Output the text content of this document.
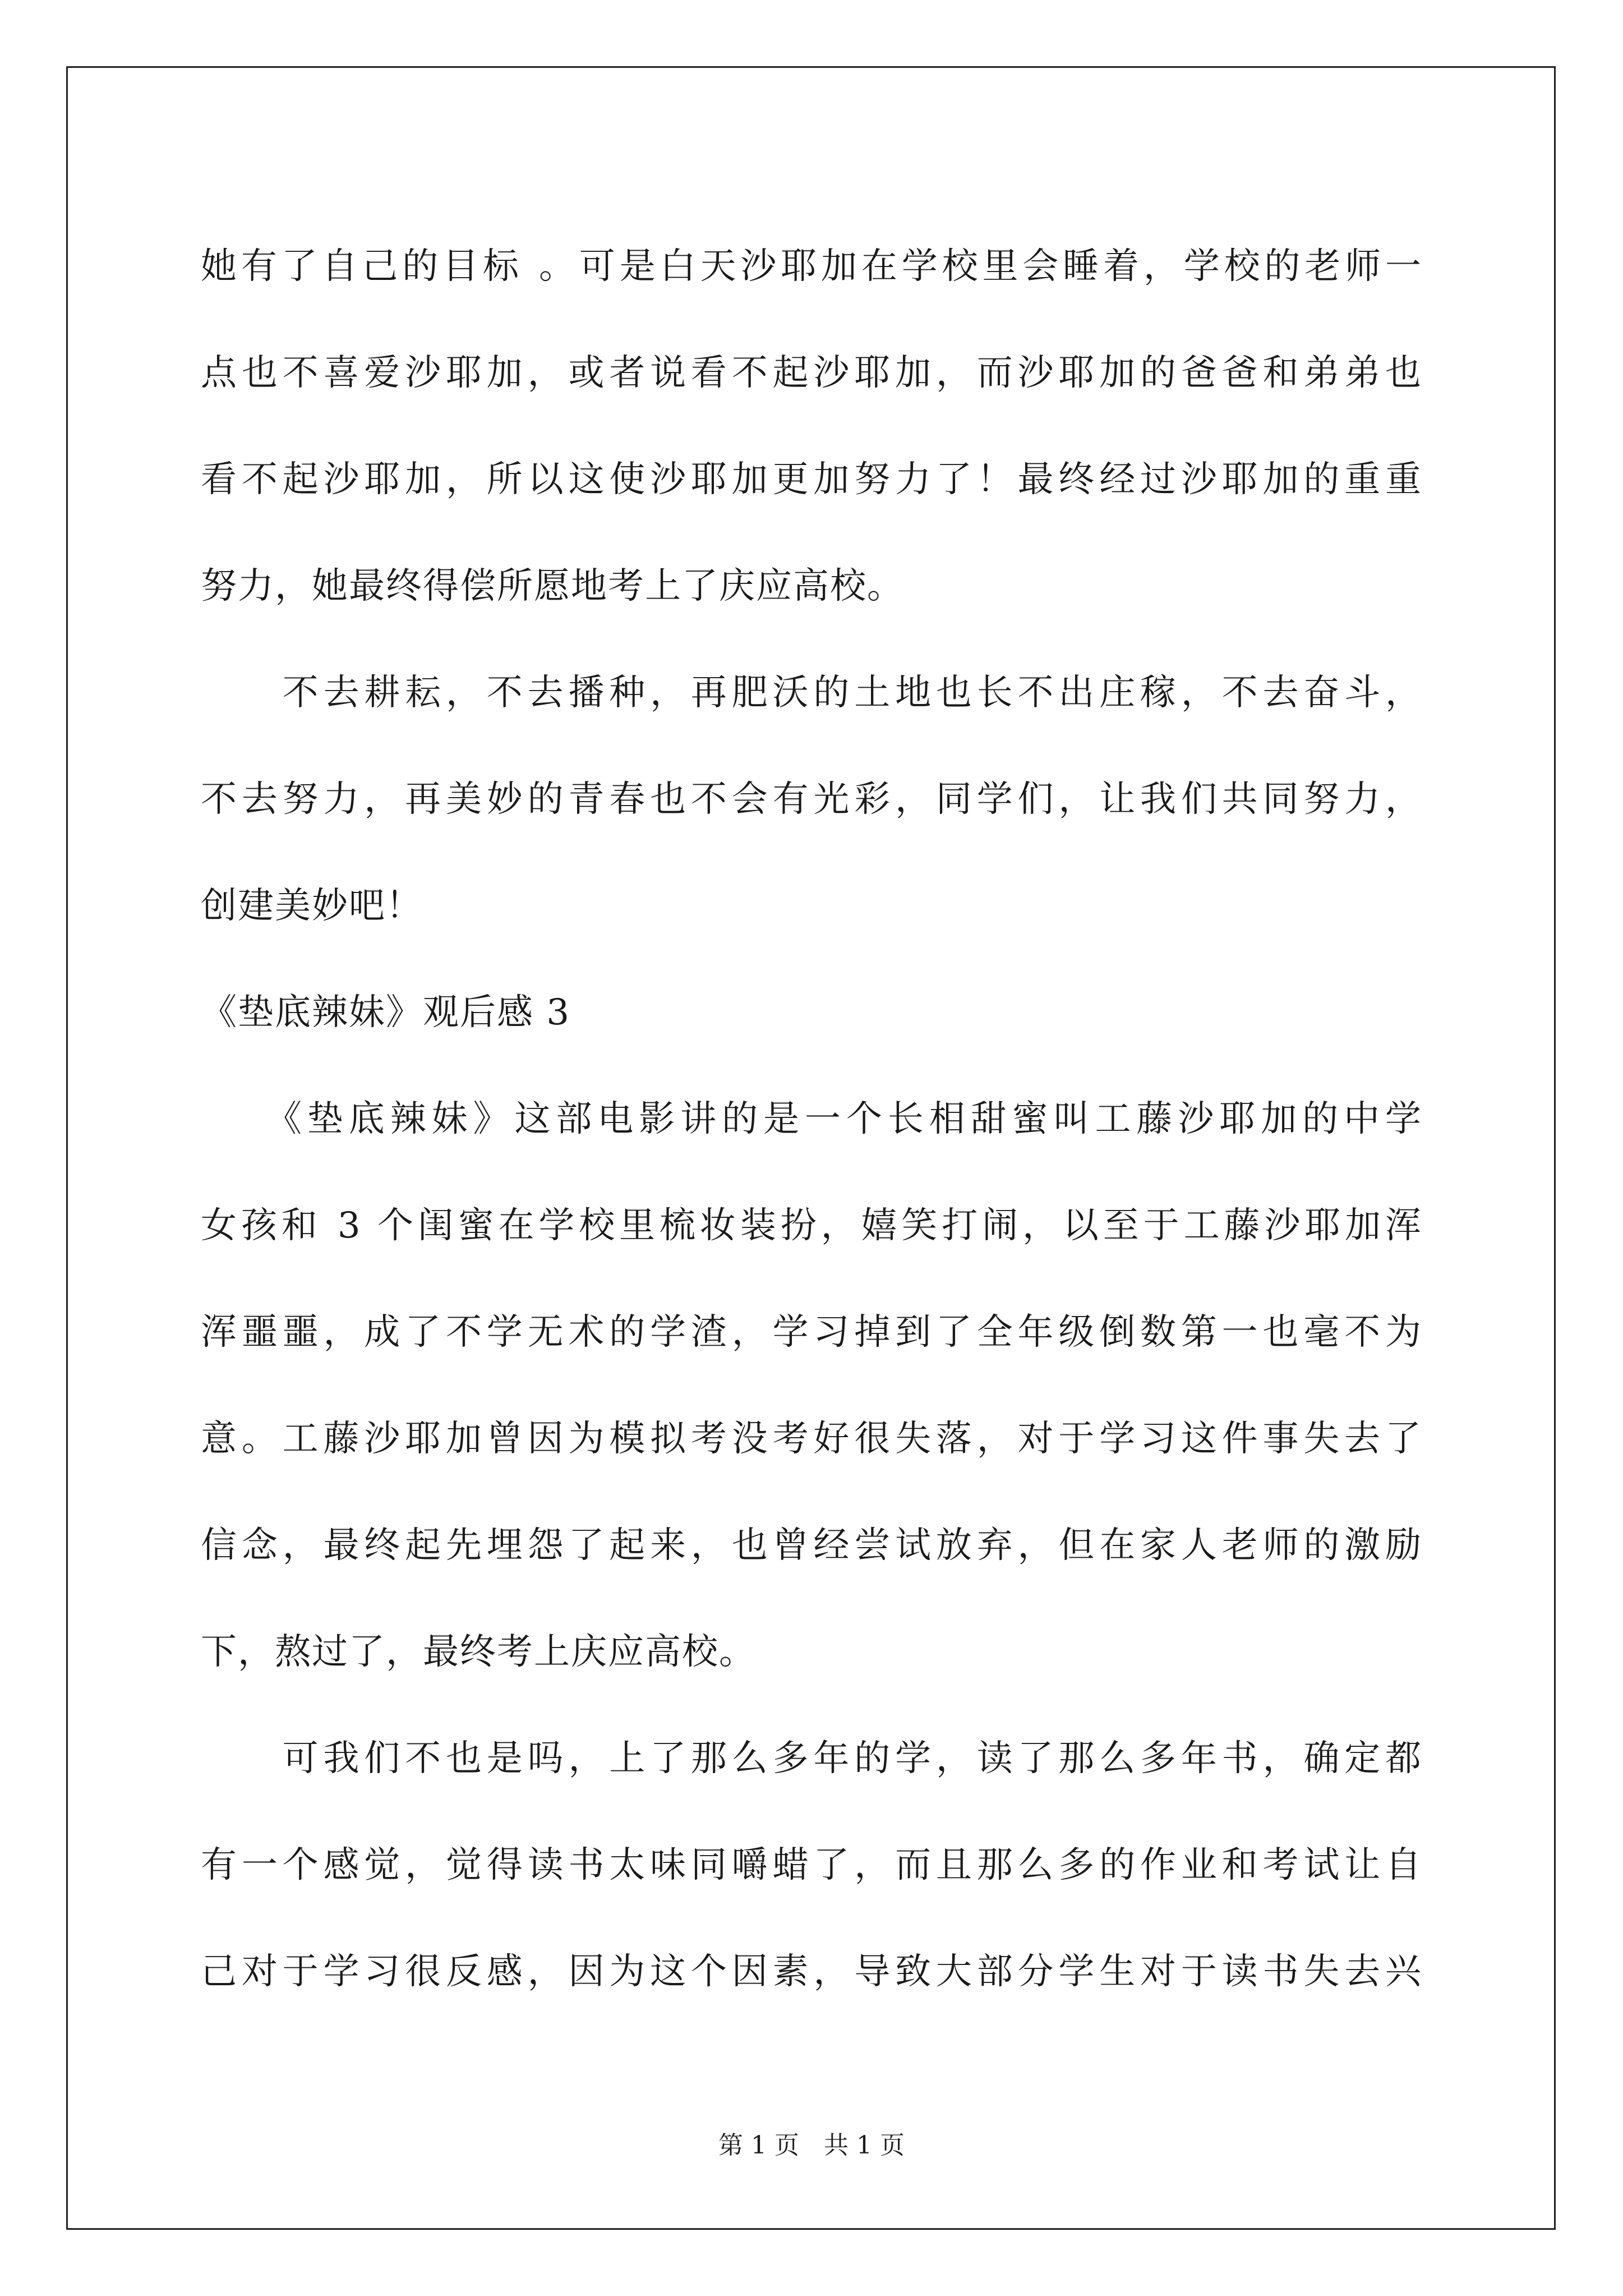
她有了自己的目标 。可是白天沙耶加在学校里会睡着，学校的老师一
点也不喜爱沙耶加，或者说看不起沙耶加，而沙耶加的爸爸和弟弟也
看不起沙耶加，所以这使沙耶加更加努力了！最终经过沙耶加的重重
努力，她最终得偿所愿地考上了庆应高校。
　　不去耕耘，不去播种，再肥沃的土地也长不出庄稼，不去奋斗，
不去努力，再美妙的青春也不会有光彩，同学们，让我们共同努力，
创建美妙吧！
《垫底辣妹》观后感 3
　　《垫底辣妹》这部电影讲的是一个长相甜蜜叫工藤沙耶加的中学
女孩和 3 个闺蜜在学校里梳妆装扮，嬉笑打闹，以至于工藤沙耶加浑
浑噩噩，成了不学无术的学渣，学习掉到了全年级倒数第一也毫不为
意。工藤沙耶加曾因为模拟考没考好很失落，对于学习这件事失去了
信念，最终起先埋怨了起来，也曾经尝试放弃，但在家人老师的激励
下，熬过了，最终考上庆应高校。
　　可我们不也是吗，上了那么多年的学，读了那么多年书，确定都
有一个感觉，觉得读书太味同嚼蜡了，而且那么多的作业和考试让自
己对于学习很反感，因为这个因素，导致大部分学生对于读书失去兴
第 1 页　共 1 页
